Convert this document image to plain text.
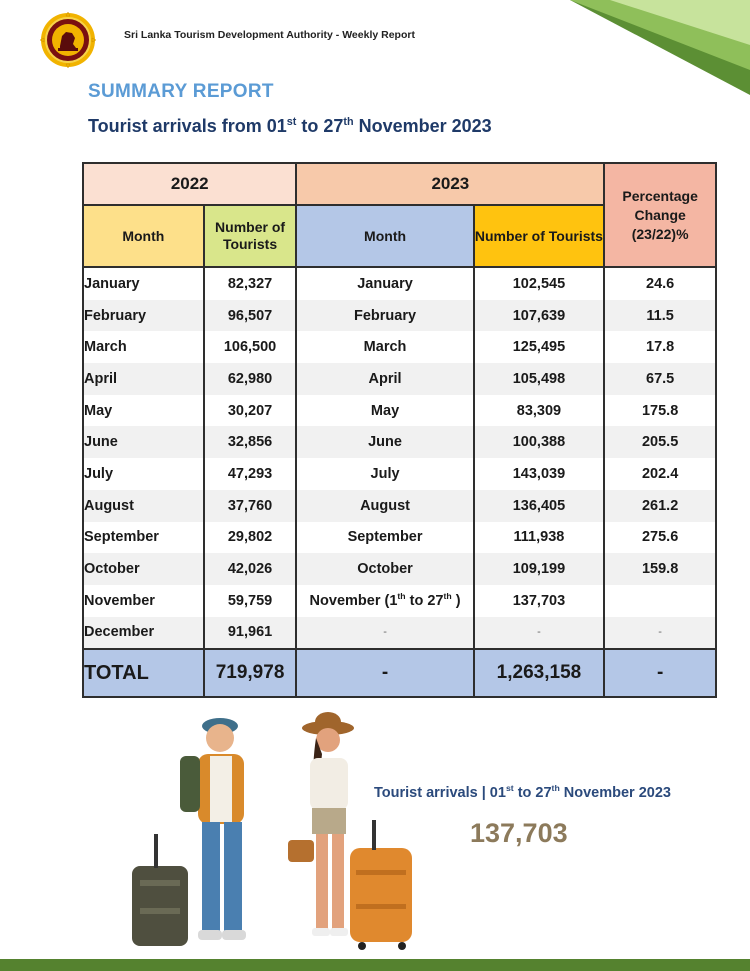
Sri Lanka Tourism Development Authority - Weekly Report
SUMMARY REPORT
Tourist arrivals from 01st to 27th November 2023
2022		2023		Percentage Change (23/22)%
Month	Number of Tourists	Month	Number of Tourists	
January	82,327	January	102,545	24.6
February	96,507	February	107,639	11.5
March	106,500	March	125,495	17.8
April	62,980	April	105,498	67.5
May	30,207	May	83,309	175.8
June	32,856	June	100,388	205.5
July	47,293	July	143,039	202.4
August	37,760	August	136,405	261.2
September	29,802	September	111,938	275.6
October	42,026	October	109,199	159.8
November	59,759	November (1th to 27th )	137,703	
December	91,961	-	-	-
TOTAL	719,978	-	1,263,158	-
Tourist arrivals | 01st to 27th November 2023
137,703
